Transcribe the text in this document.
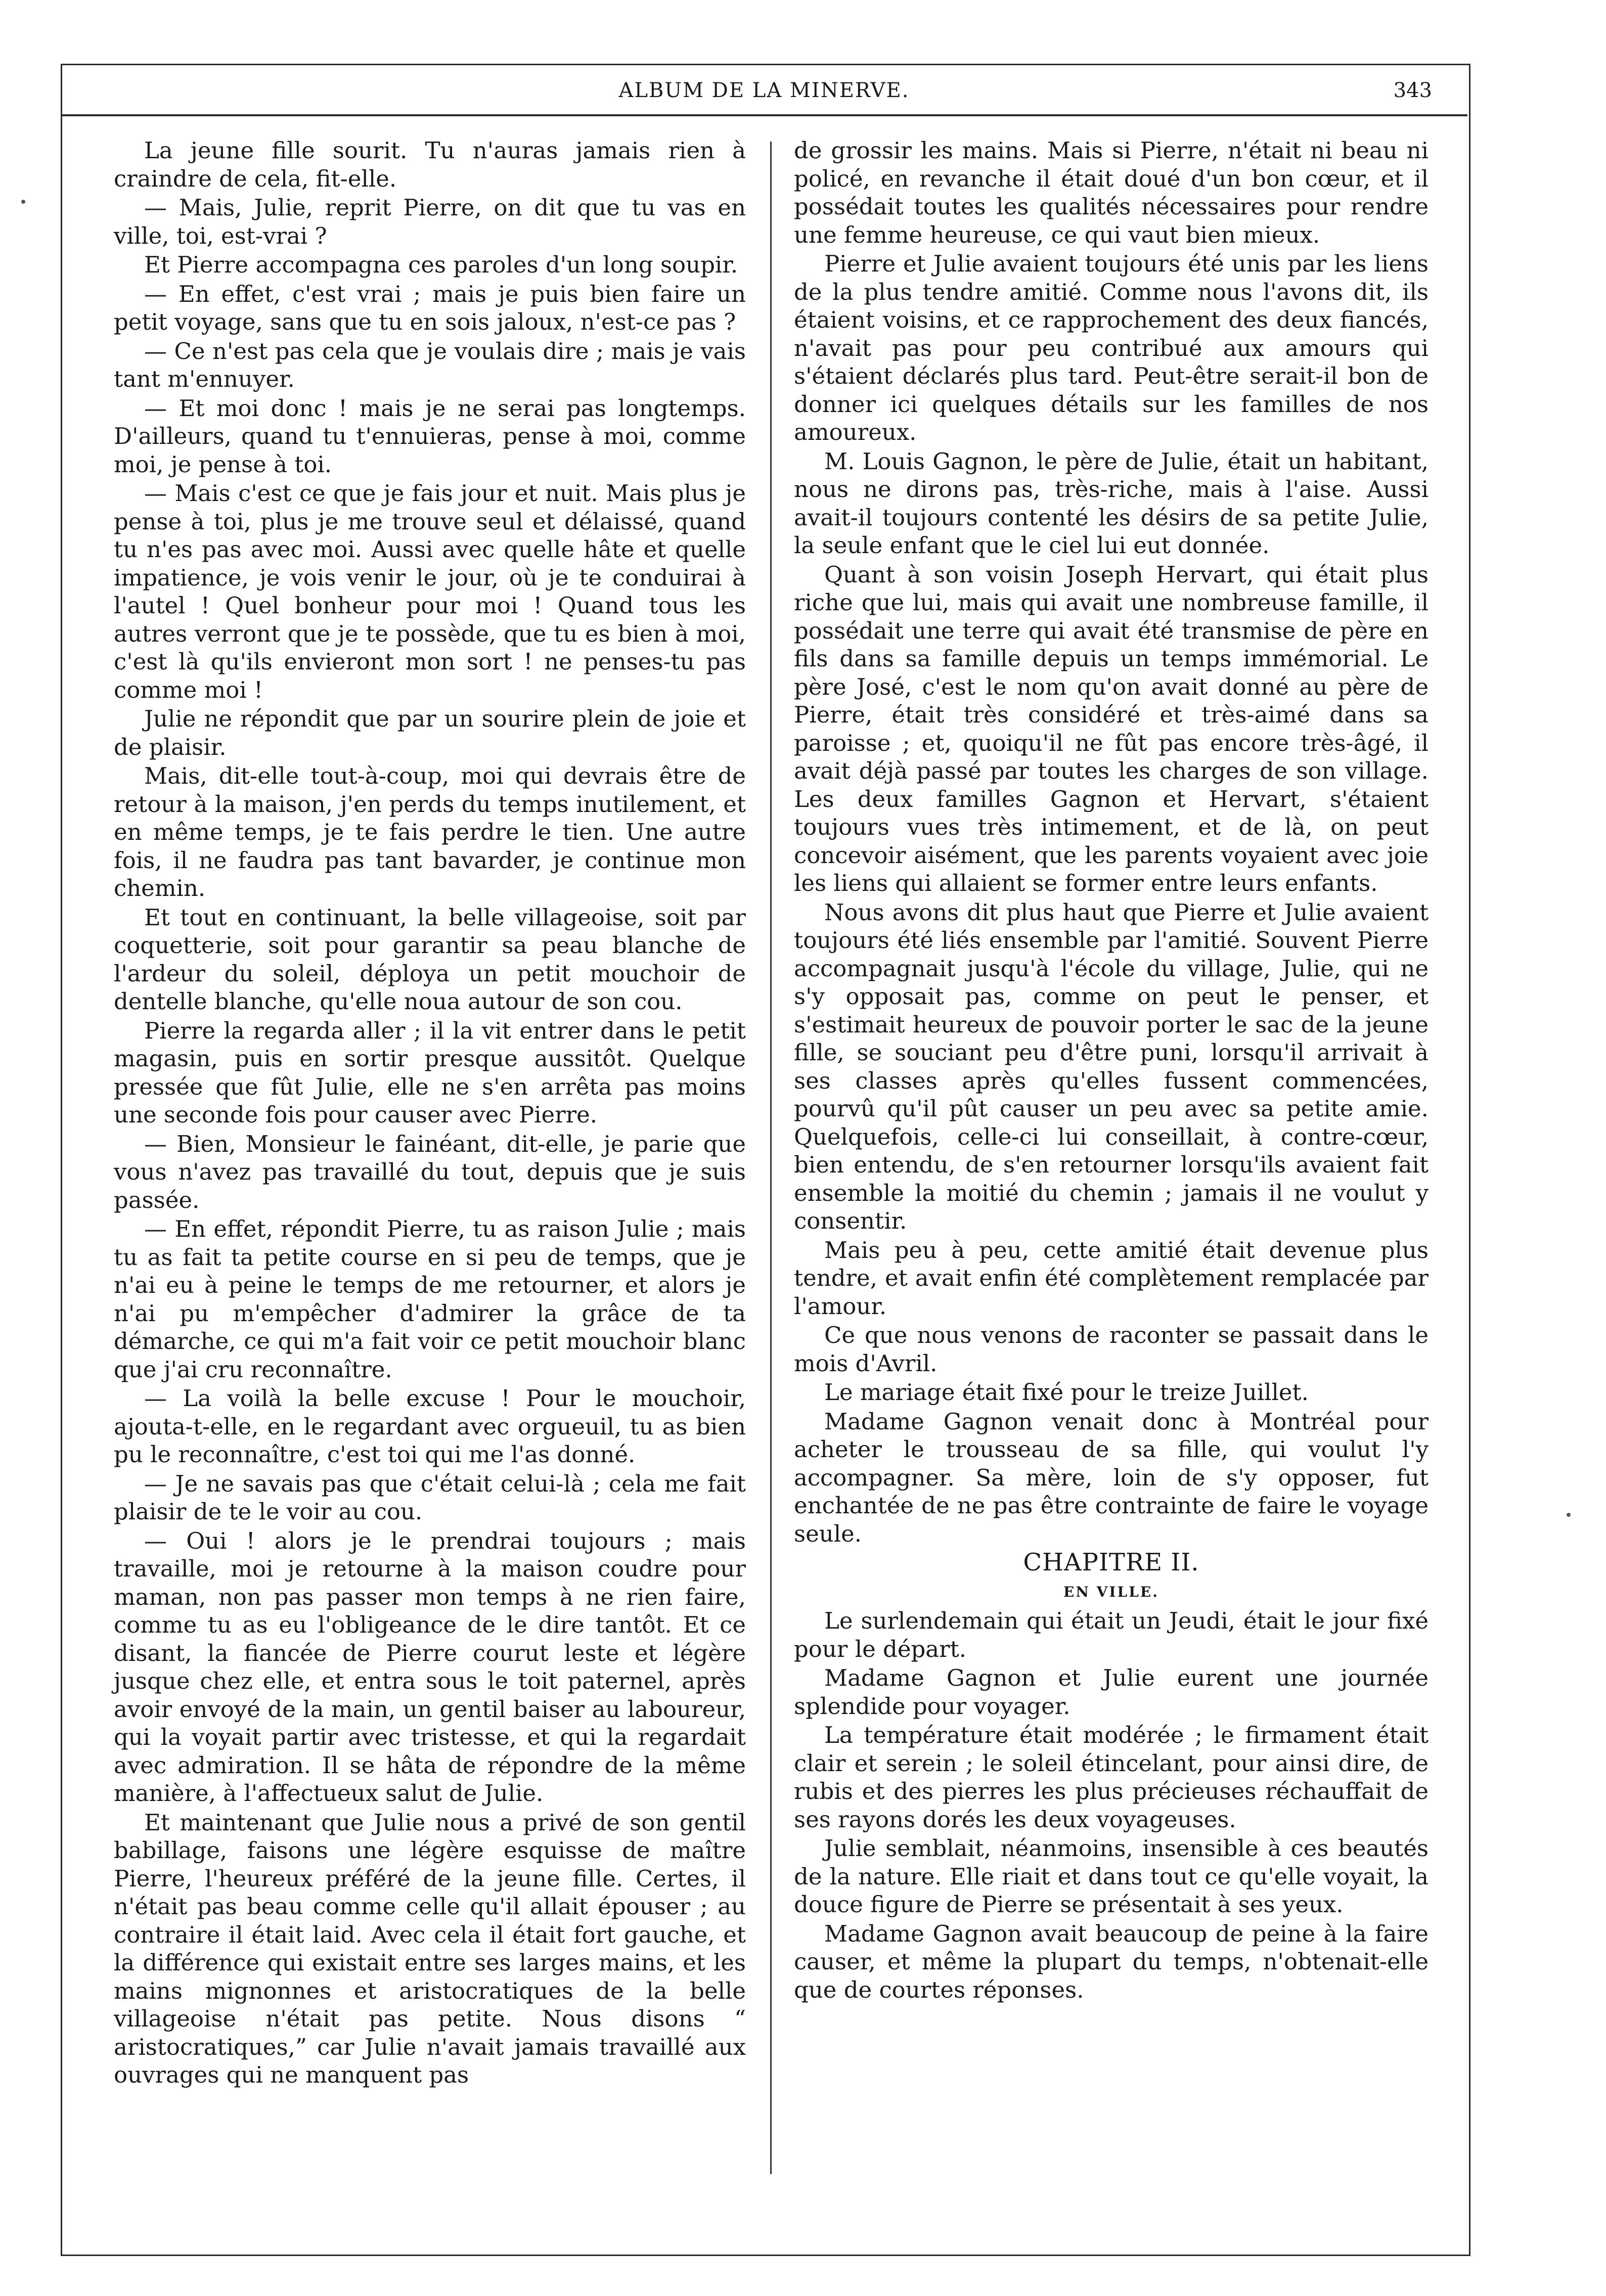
ALBUM DE LA MINERVE.	343

La jeune fille sourit. Tu n'auras jamais rien à craindre de cela, fit-elle.

— Mais, Julie, reprit Pierre, on dit que tu vas en ville, toi, est-vrai ?

Et Pierre accompagna ces paroles d'un long soupir.

— En effet, c'est vrai ; mais je puis bien faire un petit voyage, sans que tu en sois jaloux, n'est-ce pas ?

— Ce n'est pas cela que je voulais dire ; mais je vais tant m'ennuyer.

— Et moi donc ! mais je ne serai pas longtemps. D'ailleurs, quand tu t'ennuieras, pense à moi, comme moi, je pense à toi.

— Mais c'est ce que je fais jour et nuit. Mais plus je pense à toi, plus je me trouve seul et délaissé, quand tu n'es pas avec moi. Aussi avec quelle hâte et quelle impatience, je vois venir le jour, où je te conduirai à l'autel ! Quel bonheur pour moi ! Quand tous les autres verront que je te possède, que tu es bien à moi, c'est là qu'ils envieront mon sort ! ne penses-tu pas comme moi !

Julie ne répondit que par un sourire plein de joie et de plaisir.

Mais, dit-elle tout-à-coup, moi qui devrais être de retour à la maison, j'en perds du temps inutilement, et en même temps, je te fais perdre le tien. Une autre fois, il ne faudra pas tant bavarder, je continue mon chemin.

Et tout en continuant, la belle villageoise, soit par coquetterie, soit pour garantir sa peau blanche de l'ardeur du soleil, déploya un petit mouchoir de dentelle blanche, qu'elle noua autour de son cou.

Pierre la regarda aller ; il la vit entrer dans le petit magasin, puis en sortir presque aussitôt. Quelque pressée que fût Julie, elle ne s'en arrêta pas moins une seconde fois pour causer avec Pierre.

— Bien, Monsieur le fainéant, dit-elle, je parie que vous n'avez pas travaillé du tout, depuis que je suis passée.

— En effet, répondit Pierre, tu as raison Julie ; mais tu as fait ta petite course en si peu de temps, que je n'ai eu à peine le temps de me retourner, et alors je n'ai pu m'empêcher d'admirer la grâce de ta démarche, ce qui m'a fait voir ce petit mouchoir blanc que j'ai cru reconnaître.

— La voilà la belle excuse ! Pour le mouchoir, ajouta-t-elle, en le regardant avec orgueuil, tu as bien pu le reconnaître, c'est toi qui me l'as donné.

— Je ne savais pas que c'était celui-là ; cela me fait plaisir de te le voir au cou.

— Oui ! alors je le prendrai toujours ; mais travaille, moi je retourne à la maison coudre pour maman, non pas passer mon temps à ne rien faire, comme tu as eu l'obligeance de le dire tantôt. Et ce disant, la fiancée de Pierre courut leste et légère jusque chez elle, et entra sous le toit paternel, après avoir envoyé de la main, un gentil baiser au laboureur, qui la voyait partir avec tristesse, et qui la regardait avec admiration. Il se hâta de répondre de la même manière, à l'affectueux salut de Julie.

Et maintenant que Julie nous a privé de son gentil babillage, faisons une légère esquisse de maître Pierre, l'heureux préféré de la jeune fille. Certes, il n'était pas beau comme celle qu'il allait épouser ; au contraire il était laid. Avec cela il était fort gauche, et la différence qui existait entre ses larges mains, et les mains mignonnes et aristocratiques de la belle villageoise n'était pas petite. Nous disons “ aristocratiques,” car Julie n'avait jamais travaillé aux ouvrages qui ne manquent pas

de grossir les mains. Mais si Pierre, n'était ni beau ni policé, en revanche il était doué d'un bon cœur, et il possédait toutes les qualités nécessaires pour rendre une femme heureuse, ce qui vaut bien mieux.

Pierre et Julie avaient toujours été unis par les liens de la plus tendre amitié. Comme nous l'avons dit, ils étaient voisins, et ce rapprochement des deux fiancés, n'avait pas pour peu contribué aux amours qui s'étaient déclarés plus tard. Peut-être serait-il bon de donner ici quelques détails sur les familles de nos amoureux.

M. Louis Gagnon, le père de Julie, était un habitant, nous ne dirons pas, très-riche, mais à l'aise. Aussi avait-il toujours contenté les désirs de sa petite Julie, la seule enfant que le ciel lui eut donnée.

Quant à son voisin Joseph Hervart, qui était plus riche que lui, mais qui avait une nombreuse famille, il possédait une terre qui avait été transmise de père en fils dans sa famille depuis un temps immémorial. Le père José, c'est le nom qu'on avait donné au père de Pierre, était très considéré et très-aimé dans sa paroisse ; et, quoiqu'il ne fût pas encore très-âgé, il avait déjà passé par toutes les charges de son village. Les deux familles Gagnon et Hervart, s'étaient toujours vues très intimement, et de là, on peut concevoir aisément, que les parents voyaient avec joie les liens qui allaient se former entre leurs enfants.

Nous avons dit plus haut que Pierre et Julie avaient toujours été liés ensemble par l'amitié. Souvent Pierre accompagnait jusqu'à l'école du village, Julie, qui ne s'y opposait pas, comme on peut le penser, et s'estimait heureux de pouvoir porter le sac de la jeune fille, se souciant peu d'être puni, lorsqu'il arrivait à ses classes après qu'elles fussent commencées, pourvû qu'il pût causer un peu avec sa petite amie. Quelquefois, celle-ci lui conseillait, à contre-cœur, bien entendu, de s'en retourner lorsqu'ils avaient fait ensemble la moitié du chemin ; jamais il ne voulut y consentir.

Mais peu à peu, cette amitié était devenue plus tendre, et avait enfin été complètement remplacée par l'amour.

Ce que nous venons de raconter se passait dans le mois d'Avril.

Le mariage était fixé pour le treize Juillet.

Madame Gagnon venait donc à Montréal pour acheter le trousseau de sa fille, qui voulut l'y accompagner. Sa mère, loin de s'y opposer, fut enchantée de ne pas être contrainte de faire le voyage seule.

CHAPITRE II.

EN VILLE.

Le surlendemain qui était un Jeudi, était le jour fixé pour le départ.

Madame Gagnon et Julie eurent une journée splendide pour voyager.

La température était modérée ; le firmament était clair et serein ; le soleil étincelant, pour ainsi dire, de rubis et des pierres les plus précieuses réchauffait de ses rayons dorés les deux voyageuses.

Julie semblait, néanmoins, insensible à ces beautés de la nature. Elle riait et dans tout ce qu'elle voyait, la douce figure de Pierre se présentait à ses yeux.

Madame Gagnon avait beaucoup de peine à la faire causer, et même la plupart du temps, n'obtenait-elle que de courtes réponses.
